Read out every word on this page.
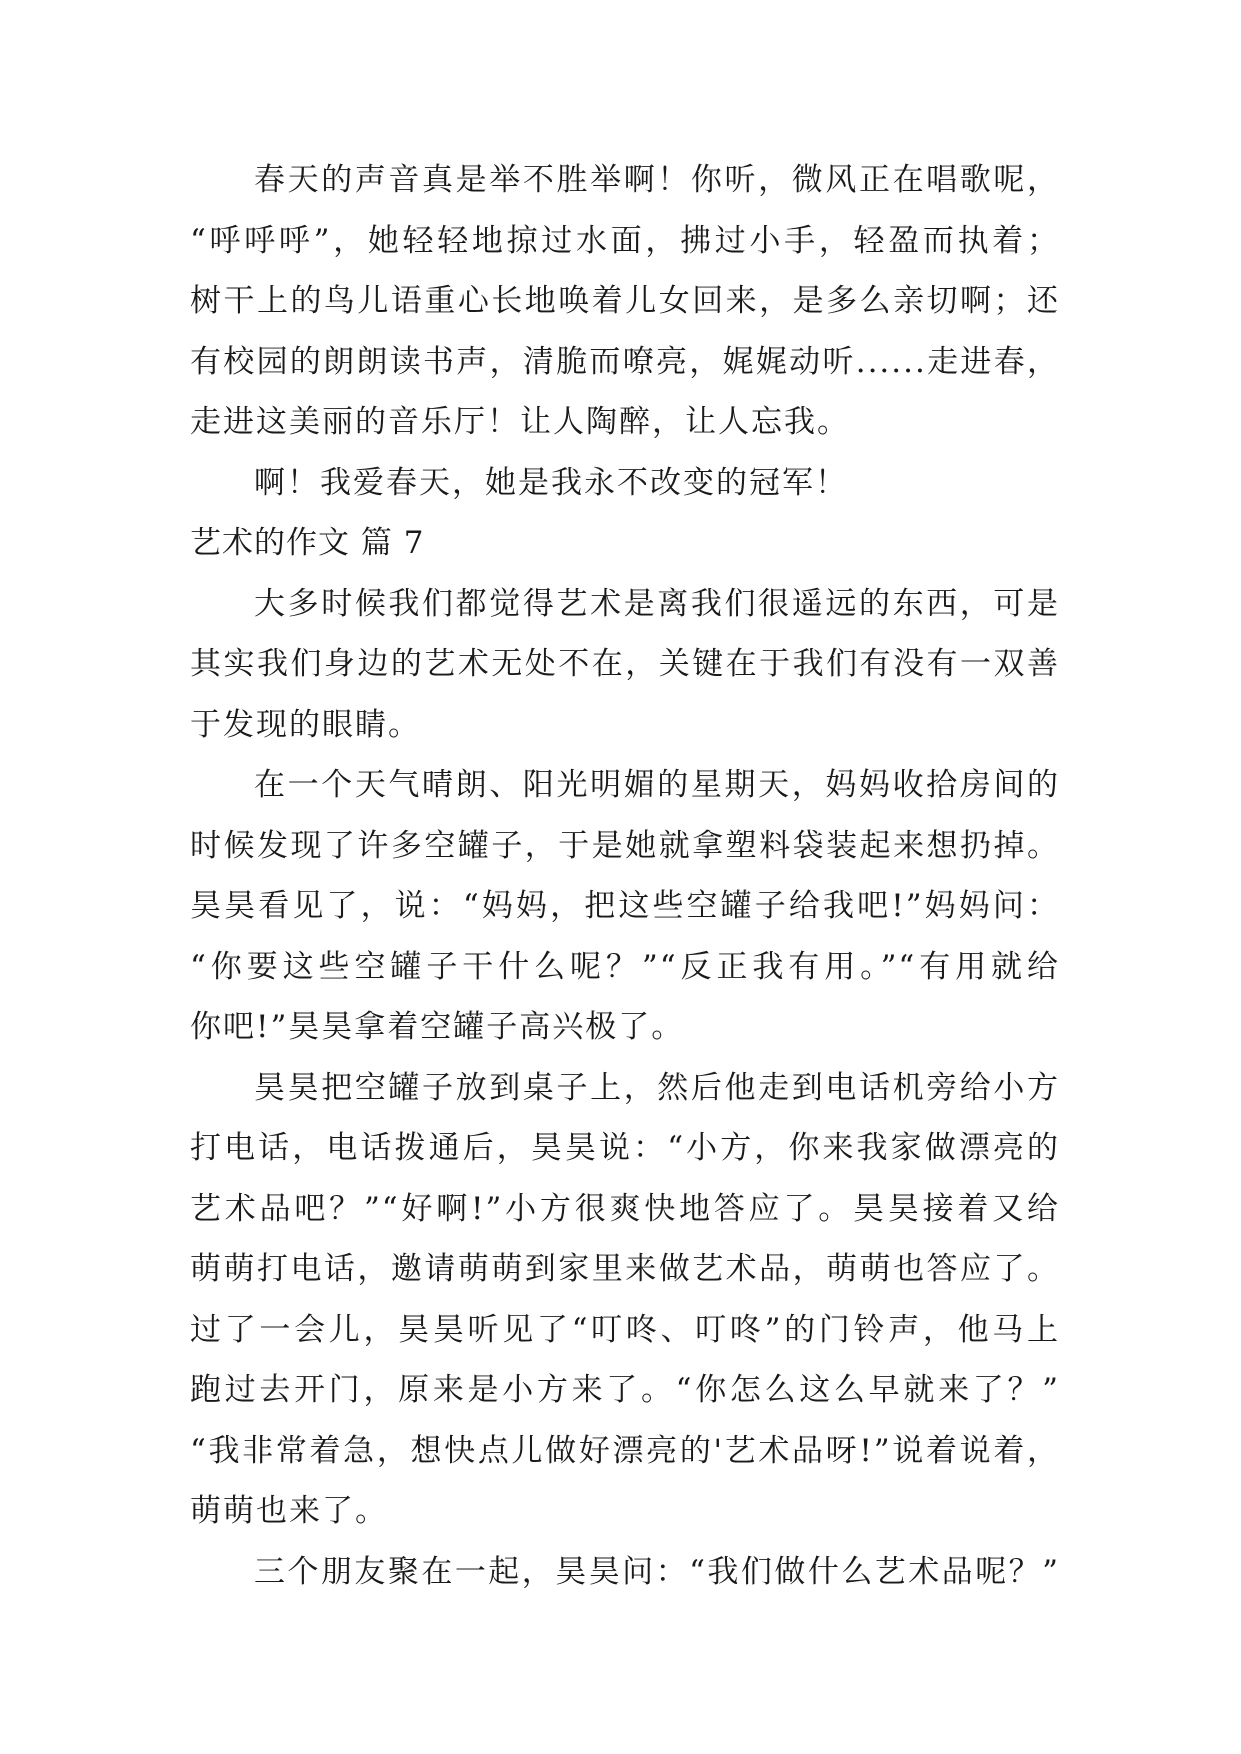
春天的声音真是举不胜举啊！你听，微风正在唱歌呢，
“呼呼呼”，她轻轻地掠过水面，拂过小手，轻盈而执着；
树干上的鸟儿语重心长地唤着儿女回来，是多么亲切啊；还
有校园的朗朗读书声，清脆而嘹亮，娓娓动听......走进春，
走进这美丽的音乐厅！让人陶醉，让人忘我。
啊！我爱春天，她是我永不改变的冠军！
艺术的作文 篇 7
大多时候我们都觉得艺术是离我们很遥远的东西，可是
其实我们身边的艺术无处不在，关键在于我们有没有一双善
于发现的眼睛。
在一个天气晴朗、阳光明媚的星期天，妈妈收拾房间的
时候发现了许多空罐子，于是她就拿塑料袋装起来想扔掉。
昊昊看见了，说：“妈妈，把这些空罐子给我吧!”妈妈问：
“你要这些空罐子干什么呢？”“反正我有用。”“有用就给
你吧!”昊昊拿着空罐子高兴极了。
昊昊把空罐子放到桌子上，然后他走到电话机旁给小方
打电话，电话拨通后，昊昊说：“小方，你来我家做漂亮的
艺术品吧？”“好啊!”小方很爽快地答应了。昊昊接着又给
萌萌打电话，邀请萌萌到家里来做艺术品，萌萌也答应了。
过了一会儿，昊昊听见了“叮咚、叮咚”的门铃声，他马上
跑过去开门，原来是小方来了。“你怎么这么早就来了？”
“我非常着急，想快点儿做好漂亮的'艺术品呀!”说着说着，
萌萌也来了。
三个朋友聚在一起，昊昊问：“我们做什么艺术品呢？”
